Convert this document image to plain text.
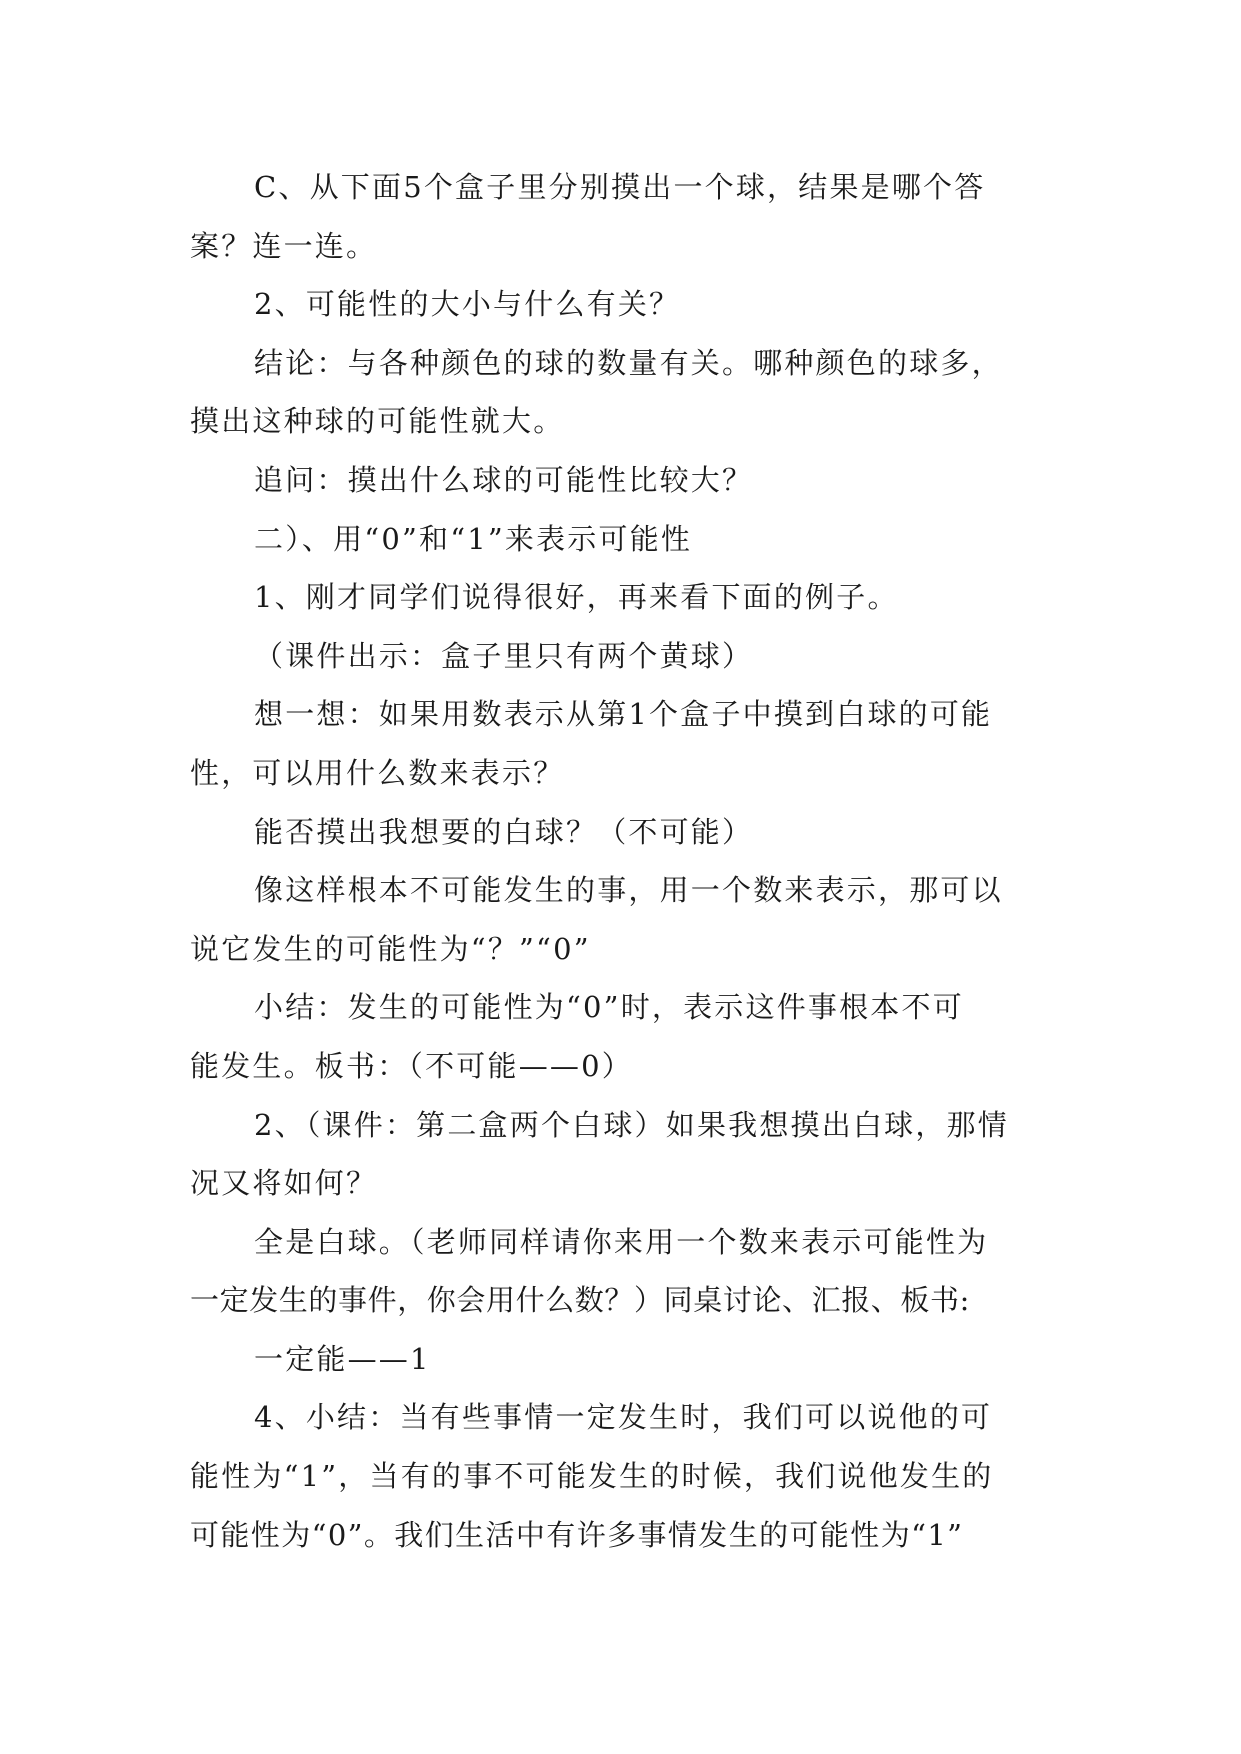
C、从下面5个盒子里分别摸出一个球，结果是哪个答
案？连一连。
2、可能性的大小与什么有关？
结论：与各种颜色的球的数量有关。哪种颜色的球多，
摸出这种球的可能性就大。
追问：摸出什么球的可能性比较大？
二）、用“0”和“1”来表示可能性
1、刚才同学们说得很好，再来看下面的例子。
（课件出示：盒子里只有两个黄球）
想一想：如果用数表示从第1个盒子中摸到白球的可能
性，可以用什么数来表示？
能否摸出我想要的白球？（不可能）
像这样根本不可能发生的事，用一个数来表示，那可以
说它发生的可能性为“？”“0”
小结：发生的可能性为“0”时，表示这件事根本不可
能发生。板书：（不可能——0）
2、（课件：第二盒两个白球）如果我想摸出白球，那情
况又将如何？
全是白球。（老师同样请你来用一个数来表示可能性为
一定发生的事件，你会用什么数？）同桌讨论、汇报、板书:
一定能——1
4、小结：当有些事情一定发生时，我们可以说他的可
能性为“1”，当有的事不可能发生的时候，我们说他发生的
可能性为“0”。我们生活中有许多事情发生的可能性为“1”
